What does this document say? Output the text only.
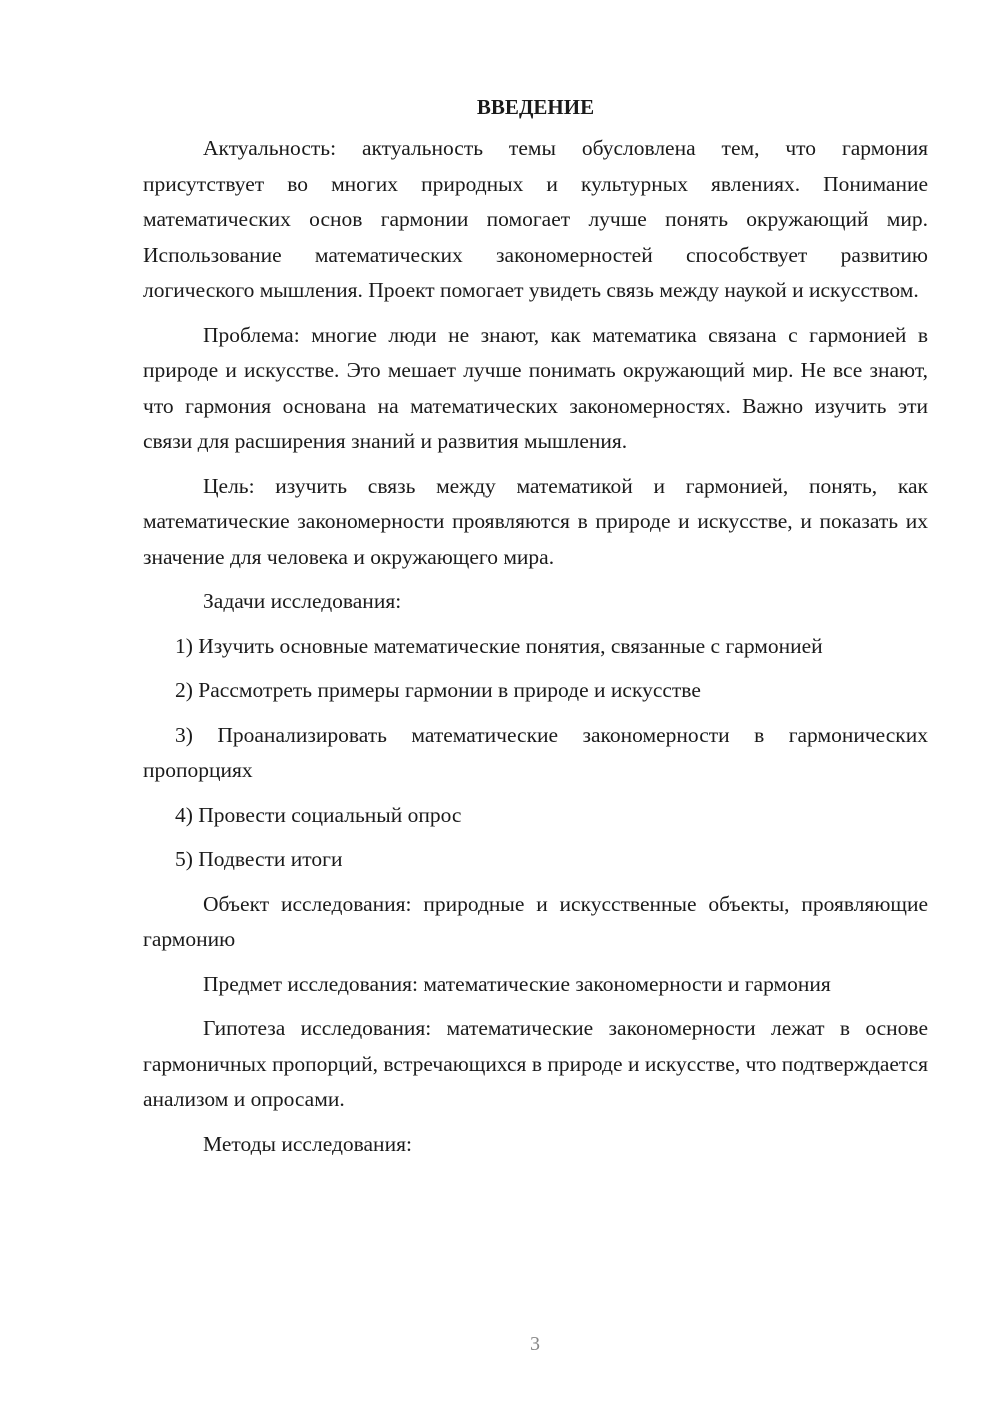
ВВЕДЕНИЕ

Актуальность: актуальность темы обусловлена тем, что гармония присутствует во многих природных и культурных явлениях. Понимание математических основ гармонии помогает лучше понять окружающий мир. Использование математических закономерностей способствует развитию логического мышления. Проект помогает увидеть связь между наукой и искусством.

Проблема: многие люди не знают, как математика связана с гармонией в природе и искусстве. Это мешает лучше понимать окружающий мир. Не все знают, что гармония основана на математических закономерностях. Важно изучить эти связи для расширения знаний и развития мышления.

Цель: изучить связь между математикой и гармонией, понять, как математические закономерности проявляются в природе и искусстве, и показать их значение для человека и окружающего мира.

Задачи исследования:

1) Изучить основные математические понятия, связанные с гармонией

2) Рассмотреть примеры гармонии в природе и искусстве

3) Проанализировать математические закономерности в гармонических пропорциях

4) Провести социальный опрос

5) Подвести итоги

Объект исследования: природные и искусственные объекты, проявляющие гармонию

Предмет исследования: математические закономерности и гармония

Гипотеза исследования: математические закономерности лежат в основе гармоничных пропорций, встречающихся в природе и искусстве, что подтверждается анализом и опросами.

Методы исследования:

3
